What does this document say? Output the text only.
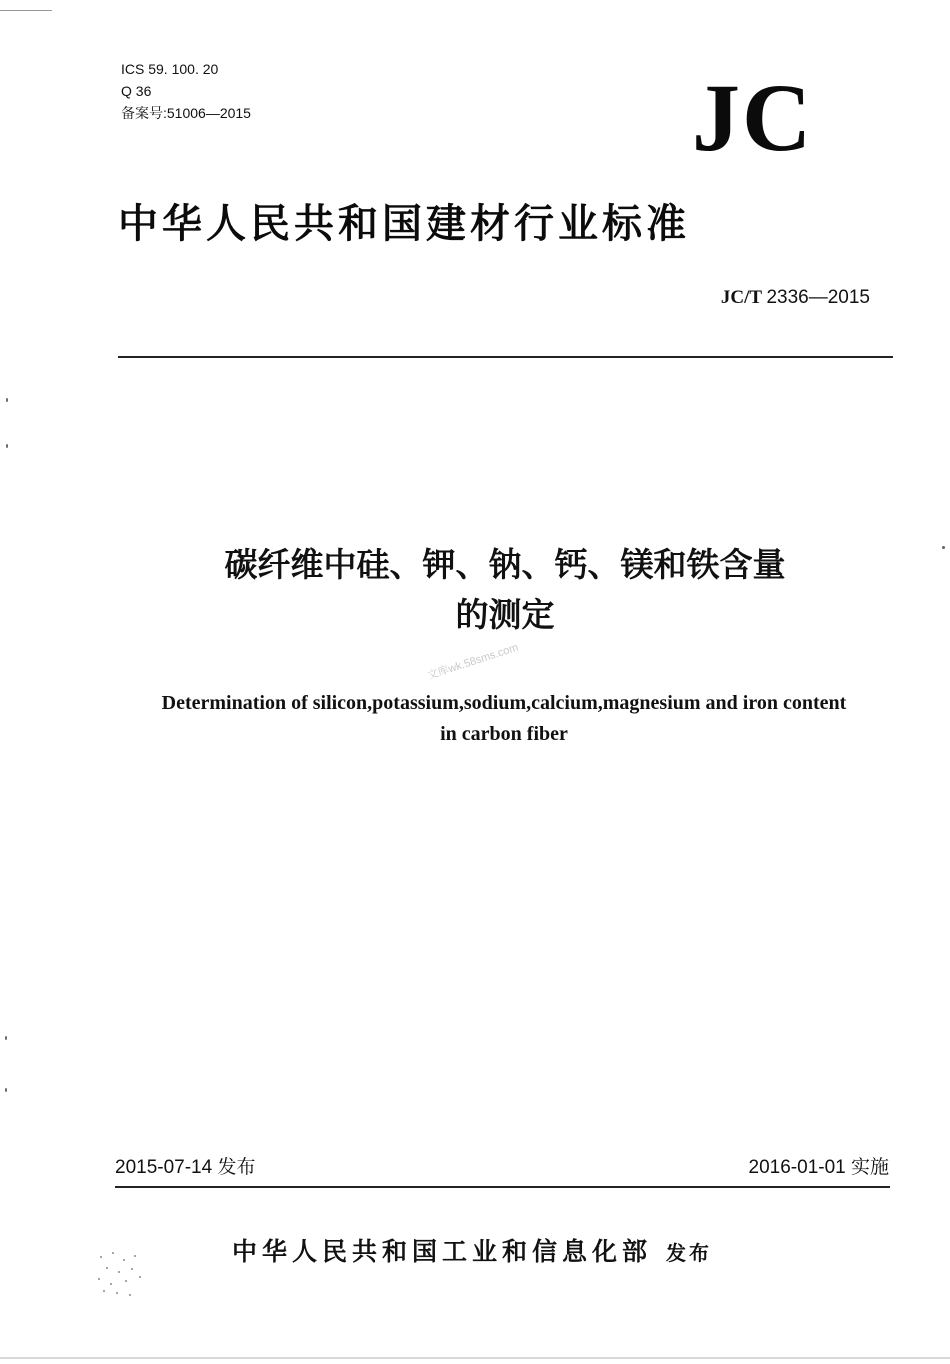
ICS 59. 100. 20
Q 36
备案号:51006—2015	JC
中华人民共和国建材行业标准
JC/T 2336—2015
碳纤维中硅、钾、钠、钙、镁和铁含量
的测定
文库wk.58sms.com
Determination of silicon,potassium,sodium,calcium,magnesium and iron content
in carbon fiber
2015-07-14 发布	2016-01-01 实施
中华人民共和国工业和信息化部 发布
